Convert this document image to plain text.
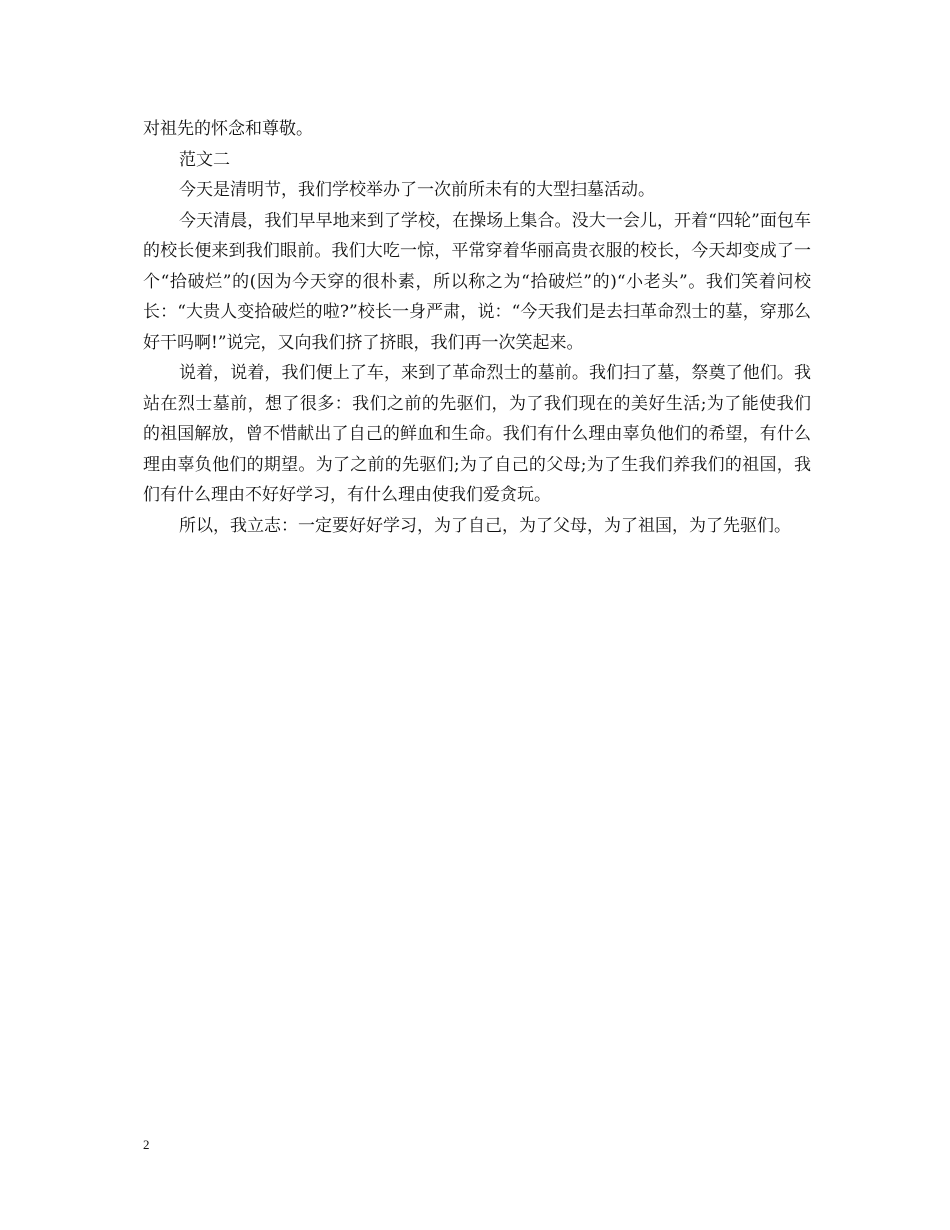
对祖先的怀念和尊敬。

范文二

今天是清明节，我们学校举办了一次前所未有的大型扫墓活动。

今天清晨，我们早早地来到了学校，在操场上集合。没大一会儿，开着“四轮”面包车的校长便来到我们眼前。我们大吃一惊，平常穿着华丽高贵衣服的校长，今天却变成了一个“拾破烂”的(因为今天穿的很朴素，所以称之为“拾破烂”的)“小老头”。我们笑着问校长：“大贵人变拾破烂的啦?”校长一身严肃，说：“今天我们是去扫革命烈士的墓，穿那么好干吗啊!”说完，又向我们挤了挤眼，我们再一次笑起来。

说着，说着，我们便上了车，来到了革命烈士的墓前。我们扫了墓，祭奠了他们。我站在烈士墓前，想了很多：我们之前的先驱们，为了我们现在的美好生活;为了能使我们的祖国解放，曾不惜献出了自己的鲜血和生命。我们有什么理由辜负他们的希望，有什么理由辜负他们的期望。为了之前的先驱们;为了自己的父母;为了生我们养我们的祖国，我们有什么理由不好好学习，有什么理由使我们爱贪玩。

所以，我立志：一定要好好学习，为了自己，为了父母，为了祖国，为了先驱们。

2
